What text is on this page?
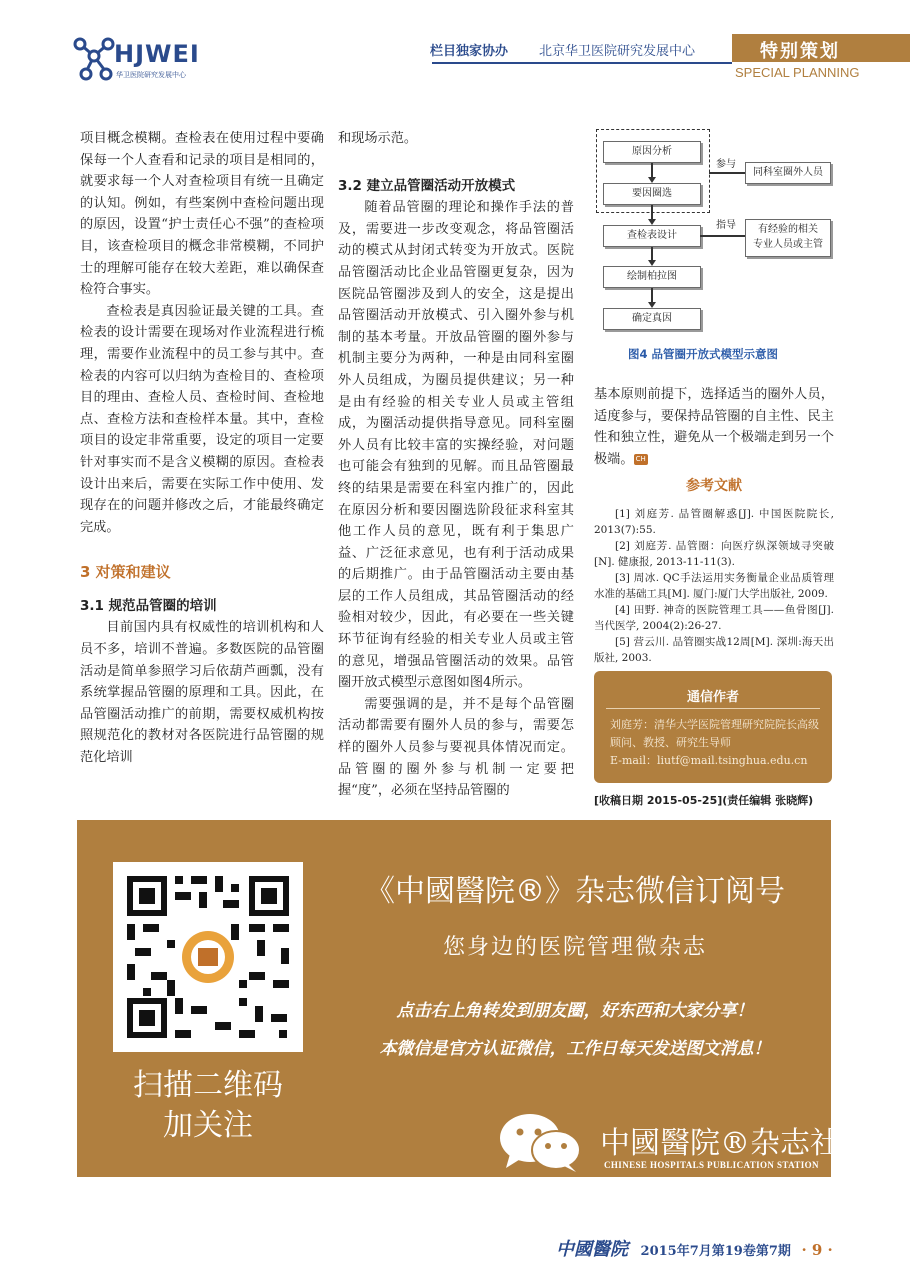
HJWEI
华卫医院研究发展中心
栏目独家协办 北京华卫医院研究发展中心	特别策划
SPECIAL PLANNING

项目概念模糊。查检表在使用过程中要确保每一个人查看和记录的项目是相同的，就要求每一个人对查检项目有统一且确定的认知。例如，有些案例中查检问题出现的原因，设置“护士责任心不强”的查检项目，该查检项目的概念非常模糊，不同护士的理解可能存在较大差距，难以确保查检符合事实。

查检表是真因验证最关键的工具。查检表的设计需要在现场对作业流程进行梳理，需要作业流程中的员工参与其中。查检表的内容可以归纳为查检目的、查检项目的理由、查检人员、查检时间、查检地点、查检方法和查检样本量。其中，查检项目的设定非常重要，设定的项目一定要针对事实而不是含义模糊的原因。查检表设计出来后，需要在实际工作中使用、发现存在的问题并修改之后，才能最终确定完成。

3 对策和建议
3.1 规范品管圈的培训

目前国内具有权威性的培训机构和人员不多，培训不普遍。多数医院的品管圈活动是简单参照学习后依葫芦画瓢，没有系统掌握品管圈的原理和工具。因此，在品管圈活动推广的前期，需要权威机构按照规范化的教材对各医院进行品管圈的规范化培训

和现场示范。

3.2 建立品管圈活动开放模式

随着品管圈的理论和操作手法的普及，需要进一步改变观念，将品管圈活动的模式从封闭式转变为开放式。医院品管圈活动比企业品管圈更复杂，因为医院品管圈涉及到人的安全，这是提出品管圈活动开放模式、引入圈外参与机制的基本考量。开放品管圈的圈外参与机制主要分为两种，一种是由同科室圈外人员组成，为圈员提供建议；另一种是由有经验的相关专业人员或主管组成，为圈活动提供指导意见。同科室圈外人员有比较丰富的实操经验，对问题也可能会有独到的见解。而且品管圈最终的结果是需要在科室内推广的，因此在原因分析和要因圈选阶段征求科室其他工作人员的意见，既有利于集思广益、广泛征求意见，也有利于活动成果的后期推广。由于品管圈活动主要由基层的工作人员组成，其品管圈活动的经验相对较少，因此，有必要在一些关键环节征询有经验的相关专业人员或主管的意见，增强品管圈活动的效果。品管圈开放式模型示意图如图4所示。

需要强调的是，并不是每个品管圈活动都需要有圈外人员的参与，需要怎样的圈外人员参与要视具体情况而定。品管圈的圈外参与机制一定要把握“度”，必须在坚持品管圈的

原因分析
要因圈选
查检表设计
绘制柏拉图
确定真因
同科室圈外人员
参与
有经验的相关
专业人员或主管
指导
图4 品管圈开放式模型示意图

基本原则前提下，选择适当的圈外人员，适度参与，要保持品管圈的自主性、民主性和独立性，避免从一个极端走到另一个极端。 CH

参考文献

[1] 刘庭芳. 品管圈解惑[J]. 中国医院院长, 2013(7):55.

[2] 刘庭芳. 品管圈：向医疗纵深领域寻突破[N]. 健康报, 2013-11-11(3).

[3] 周冰. QC手法运用实务衡量企业品质管理水准的基础工具[M]. 厦门:厦门大学出版社, 2009.

[4] 田野. 神奇的医院管理工具——鱼骨图[J]. 当代医学, 2004(2):26-27.

[5] 营云川. 品管圈实战12周[M]. 深圳:海天出版社, 2003.

通信作者
刘庭芳：清华大学医院管理研究院院长高级顾问、教授、研究生导师
E-mail：liutf@mail.tsinghua.edu.cn
[收稿日期 2015-05-25](责任编辑 张晓辉)
扫描二维码
加关注
《中國醫院®》杂志微信订阅号
您身边的医院管理微杂志
点击右上角转发到朋友圈，好东西和大家分享！
本微信是官方认证微信，工作日每天发送图文消息！
中國醫院®杂志社
CHINESE HOSPITALS PUBLICATION STATION
中國醫院 2015年7月第19卷第7期 · 9 ·
